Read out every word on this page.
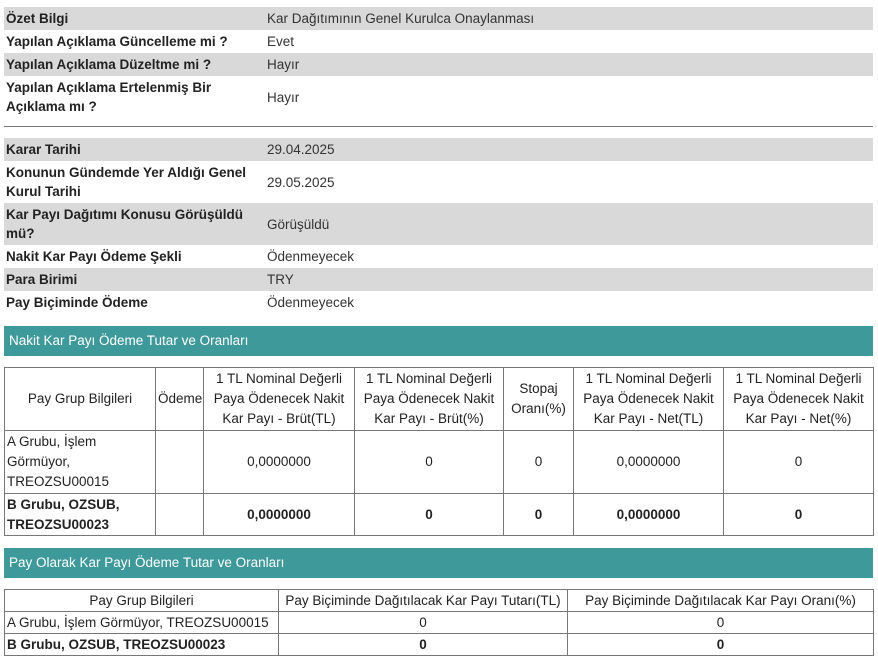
Özet Bilgi	Kar Dağıtımının Genel Kurulca Onaylanması
Yapılan Açıklama Güncelleme mi ?	Evet
Yapılan Açıklama Düzeltme mi ?	Hayır
Yapılan Açıklama Ertelenmiş Bir Açıklama mı ?	Hayır
Karar Tarihi	29.04.2025
Konunun Gündemde Yer Aldığı Genel Kurul Tarihi	29.05.2025
Kar Payı Dağıtımı Konusu Görüşüldü mü?	Görüşüldü
Nakit Kar Payı Ödeme Şekli	Ödenmeyecek
Para Birimi	TRY
Pay Biçiminde Ödeme	Ödenmeyecek
Nakit Kar Payı Ödeme Tutar ve Oranları
Pay Grup Bilgileri	Ödeme	1 TL Nominal Değerli Paya Ödenecek Nakit Kar Payı - Brüt(TL)	1 TL Nominal Değerli Paya Ödenecek Nakit Kar Payı - Brüt(%)	Stopaj Oranı(%)	1 TL Nominal Değerli Paya Ödenecek Nakit Kar Payı - Net(TL)	1 TL Nominal Değerli Paya Ödenecek Nakit Kar Payı - Net(%)
A Grubu, İşlem Görmüyor, TREOZSU00015		0,0000000	0	0	0,0000000	0
B Grubu, OZSUB, TREOZSU00023		0,0000000	0	0	0,0000000	0
Pay Olarak Kar Payı Ödeme Tutar ve Oranları
Pay Grup Bilgileri	Pay Biçiminde Dağıtılacak Kar Payı Tutarı(TL)	Pay Biçiminde Dağıtılacak Kar Payı Oranı(%)
A Grubu, İşlem Görmüyor, TREOZSU00015	0	0
B Grubu, OZSUB, TREOZSU00023	0	0
